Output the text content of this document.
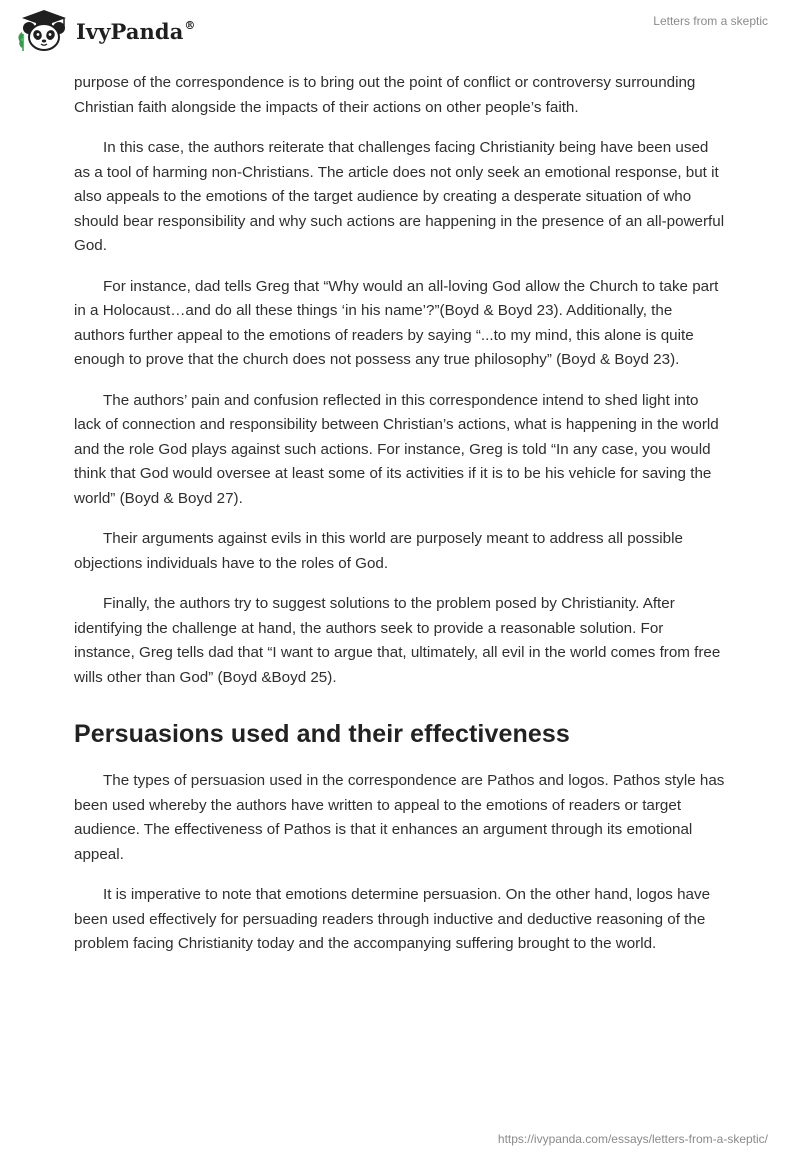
IvyPanda®	Letters from a skeptic

purpose of the correspondence is to bring out the point of conflict or controversy surrounding Christian faith alongside the impacts of their actions on other people’s faith.

In this case, the authors reiterate that challenges facing Christianity being have been used as a tool of harming non-Christians. The article does not only seek an emotional response, but it also appeals to the emotions of the target audience by creating a desperate situation of who should bear responsibility and why such actions are happening in the presence of an all-powerful God.

For instance, dad tells Greg that “Why would an all-loving God allow the Church to take part in a Holocaust…and do all these things ‘in his name’?”(Boyd & Boyd 23). Additionally, the authors further appeal to the emotions of readers by saying “...to my mind, this alone is quite enough to prove that the church does not possess any true philosophy” (Boyd & Boyd 23).

The authors’ pain and confusion reflected in this correspondence intend to shed light into lack of connection and responsibility between Christian’s actions, what is happening in the world and the role God plays against such actions. For instance, Greg is told “In any case, you would think that God would oversee at least some of its activities if it is to be his vehicle for saving the world” (Boyd & Boyd 27).

Their arguments against evils in this world are purposely meant to address all possible objections individuals have to the roles of God.

Finally, the authors try to suggest solutions to the problem posed by Christianity. After identifying the challenge at hand, the authors seek to provide a reasonable solution. For instance, Greg tells dad that “I want to argue that, ultimately, all evil in the world comes from free wills other than God” (Boyd &Boyd 25).

Persuasions used and their effectiveness

The types of persuasion used in the correspondence are Pathos and logos. Pathos style has been used whereby the authors have written to appeal to the emotions of readers or target audience. The effectiveness of Pathos is that it enhances an argument through its emotional appeal.

It is imperative to note that emotions determine persuasion. On the other hand, logos have been used effectively for persuading readers through inductive and deductive reasoning of the problem facing Christianity today and the accompanying suffering brought to the world.

https://ivypanda.com/essays/letters-from-a-skeptic/
